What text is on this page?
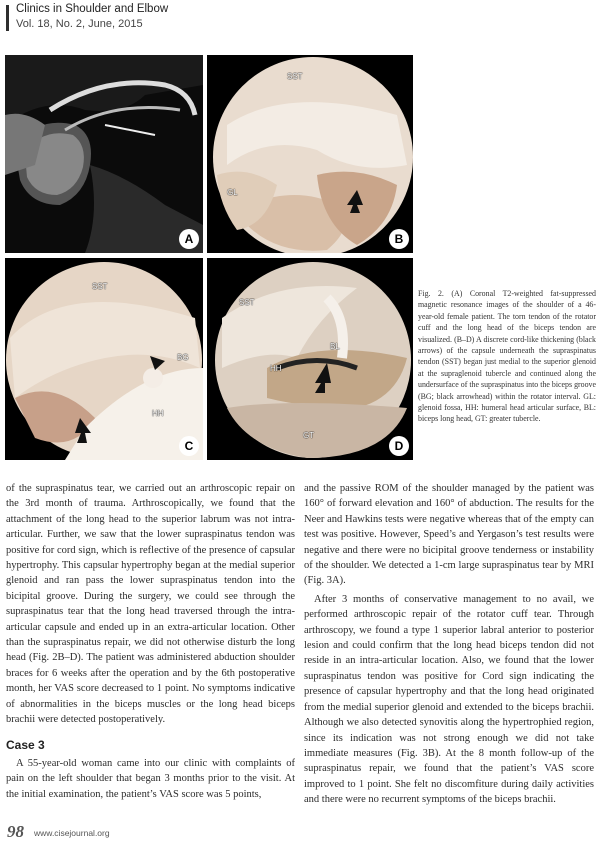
Clinics in Shoulder and Elbow
Vol. 18, No. 2, June, 2015
A
SST
GL
B
SST
BG
HH
C
SST
BL
HH
GT
D
Fig. 2. (A) Coronal T2-weighted fat-suppressed magnetic resonance images of the shoulder of a 46-year-old female patient. The torn tendon of the rotator cuff and the long head of the biceps tendon are visualized. (B–D) A discrete cord-like thickening (black arrows) of the capsule underneath the supraspinatus tendon (SST) began just medial to the superior glenoid at the supraglenoid tubercle and continued along the undersurface of the supraspinatus into the biceps groove (BG; black arrowhead) within the rotator interval. GL: glenoid fossa, HH: humeral head articular surface, BL: biceps long head, GT: greater tubercle.

of the supraspinatus tear, we carried out an arthroscopic repair on the 3rd month of trauma. Arthroscopically, we found that the attachment of the long head to the superior labrum was not intra-articular. Further, we saw that the lower supraspinatus tendon was positive for cord sign, which is reflective of the presence of capsular hypertrophy. This capsular hypertrophy began at the medial superior glenoid and ran pass the lower supraspinatus tendon into the bicipital groove. During the surgery, we could see through the supraspinatus tear that the long head traversed through the intra-articular capsule and ended up in an extra-articular location. Other than the supraspinatus repair, we did not otherwise disturb the long head (Fig. 2B–D). The patient was administered abduction shoulder braces for 6 weeks after the operation and by the 6th postoperative month, her VAS score decreased to 1 point. No symptoms indicative of abnormalities in the biceps muscles or the long head biceps brachii were detected postoperatively.

Case 3

A 55-year-old woman came into our clinic with complaints of pain on the left shoulder that began 3 months prior to the visit. At the initial examination, the patient’s VAS score was 5 points,

and the passive ROM of the shoulder managed by the patient was 160° of forward elevation and 160° of abduction. The results for the Neer and Hawkins tests were negative whereas that of the empty can test was positive. However, Speed’s and Yergason’s test results were negative and there were no bicipital groove tenderness or instability of the shoulder. We detected a 1-cm large supraspinatus tear by MRI (Fig. 3A).

After 3 months of conservative management to no avail, we performed arthroscopic repair of the rotator cuff tear. Through arthroscopy, we found a type 1 superior labral anterior to posterior lesion and could confirm that the long head biceps tendon did not reside in an intra-articular location. Also, we found that the lower supraspinatus tendon was positive for Cord sign indicating the presence of capsular hypertrophy and that the long head originated from the medial superior glenoid and extended to the biceps brachii. Although we also detected synovitis along the hypertrophied region, since its indication was not strong enough we did not take immediate measures (Fig. 3B). At the 8 month follow-up of the supraspinatus repair, we found that the patient’s VAS score improved to 1 point. She felt no discomfiture during daily activities and there were no recurrent symptoms of the biceps brachii.

98 www.cisejournal.org
